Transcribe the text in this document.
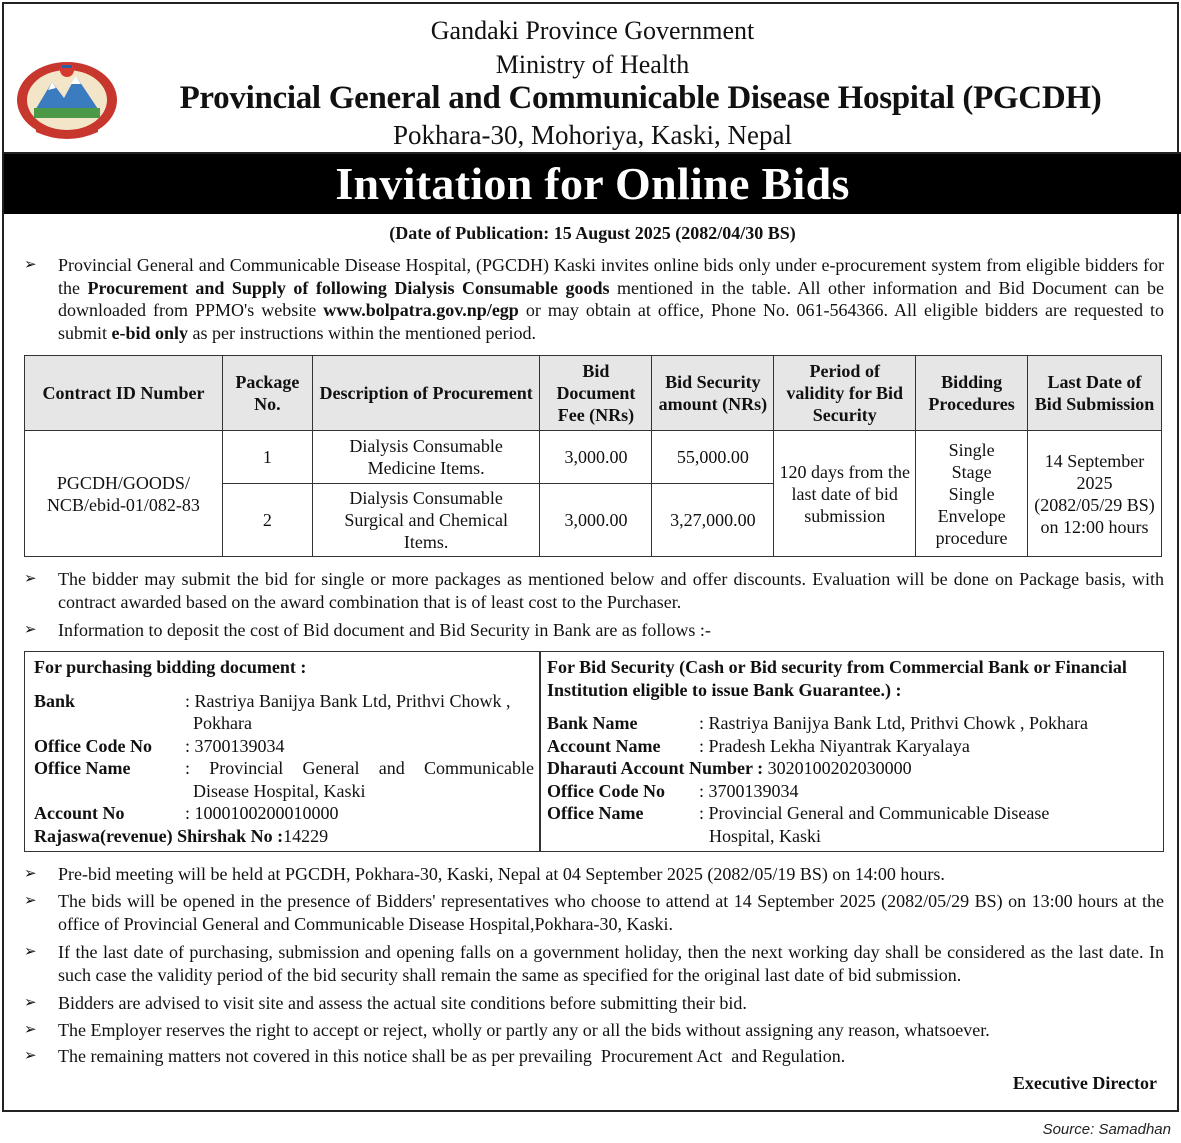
Gandaki Province Government
Ministry of Health
Provincial General and Communicable Disease Hospital (PGCDH)
Pokhara-30, Mohoriya, Kaski, Nepal
Invitation for Online Bids
(Date of Publication: 15 August 2025 (2082/04/30 BS)
➢ Provincial General and Communicable Disease Hospital, (PGCDH) Kaski invites online bids only under e-procurement system from eligible bidders for the Procurement and Supply of following Dialysis Consumable goods mentioned in the table. All other information and Bid Document can be downloaded from PPMO's website www.bolpatra.gov.np/egp or may obtain at office, Phone No. 061-564366. All eligible bidders are requested to submit e-bid only as per instructions within the mentioned period.
Contract ID Number	Package No.	Description of Procurement	Bid Document Fee (NRs)	Bid Security amount (NRs)	Period of validity for Bid Security	Bidding Procedures	Last Date of Bid Submission
PGCDH/GOODS/ NCB/ebid-01/082-83	1	Dialysis Consumable Medicine Items.	3,000.00	55,000.00	120 days from the last date of bid submission	Single Stage Single Envelope procedure	14 September 2025 (2082/05/29 BS) on 12:00 hours
	2	Dialysis Consumable Surgical and Chemical Items.	3,000.00	3,27,000.00			
➢ The bidder may submit the bid for single or more packages as mentioned below and offer discounts. Evaluation will be done on Package basis, with contract awarded based on the award combination that is of least cost to the Purchaser.
➢ Information to deposit the cost of Bid document and Bid Security in Bank are as follows :-
For purchasing bidding document :
Bank	: Rastriya Banijya Bank Ltd, Prithvi Chowk , Pokhara
Office Code No	: 3700139034
Office Name	: Provincial General and Communicable Disease Hospital, Kaski
Account No	: 1000100200010000
Rajaswa(revenue) Shirshak No : 14229
For Bid Security (Cash or Bid security from Commercial Bank or Financial Institution eligible to issue Bank Guarantee.) :
Bank Name	: Rastriya Banijya Bank Ltd, Prithvi Chowk , Pokhara
Account Name	: Pradesh Lekha Niyantrak Karyalaya
Dharauti Account Number : 3020100202030000
Office Code No	: 3700139034
Office Name	: Provincial General and Communicable Disease Hospital, Kaski
➢ Pre-bid meeting will be held at PGCDH, Pokhara-30, Kaski, Nepal at 04 September 2025 (2082/05/19 BS) on 14:00 hours.
➢ The bids will be opened in the presence of Bidders' representatives who choose to attend at 14 September 2025 (2082/05/29 BS) on 13:00 hours at the office of Provincial General and Communicable Disease Hospital,Pokhara-30, Kaski.
➢ If the last date of purchasing, submission and opening falls on a government holiday, then the next working day shall be considered as the last date. In such case the validity period of the bid security shall remain the same as specified for the original last date of bid submission.
➢ Bidders are advised to visit site and assess the actual site conditions before submitting their bid.
➢ The Employer reserves the right to accept or reject, wholly or partly any or all the bids without assigning any reason, whatsoever.
➢ The remaining matters not covered in this notice shall be as per prevailing  Procurement Act  and Regulation.
Executive Director
Source: Samadhan
